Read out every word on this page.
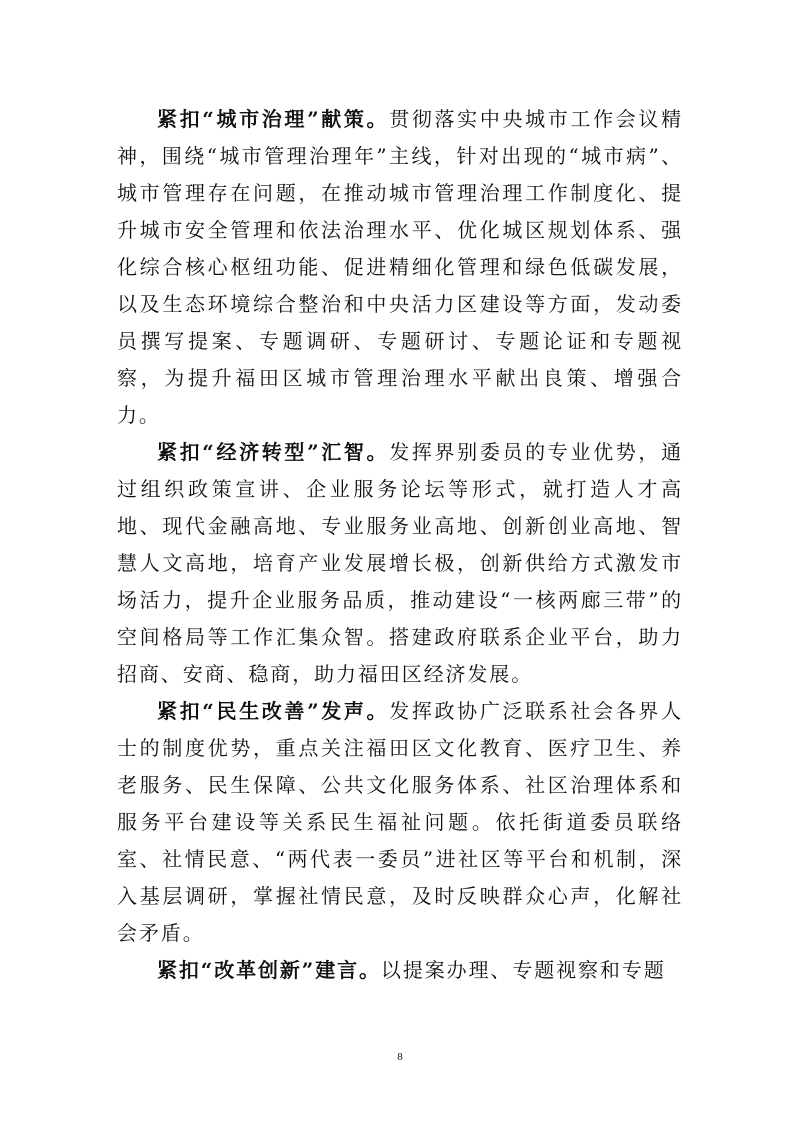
紧扣“城市治理”献策。贯彻落实中央城市工作会议精神，围绕“城市管理治理年”主线，针对出现的“城市病”、城市管理存在问题，在推动城市管理治理工作制度化、提升城市安全管理和依法治理水平、优化城区规划体系、强化综合核心枢纽功能、促进精细化管理和绿色低碳发展，以及生态环境综合整治和中央活力区建设等方面，发动委员撰写提案、专题调研、专题研讨、专题论证和专题视察，为提升福田区城市管理治理水平献出良策、增强合力。

紧扣“经济转型”汇智。发挥界别委员的专业优势，通过组织政策宣讲、企业服务论坛等形式，就打造人才高地、现代金融高地、专业服务业高地、创新创业高地、智慧人文高地，培育产业发展增长极，创新供给方式激发市场活力，提升企业服务品质，推动建设“一核两廊三带”的空间格局等工作汇集众智。搭建政府联系企业平台，助力招商、安商、稳商，助力福田区经济发展。

紧扣“民生改善”发声。发挥政协广泛联系社会各界人士的制度优势，重点关注福田区文化教育、医疗卫生、养老服务、民生保障、公共文化服务体系、社区治理体系和服务平台建设等关系民生福祉问题。依托街道委员联络室、社情民意、“两代表一委员”进社区等平台和机制，深入基层调研，掌握社情民意，及时反映群众心声，化解社会矛盾。

紧扣“改革创新”建言。以提案办理、专题视察和专题

8
